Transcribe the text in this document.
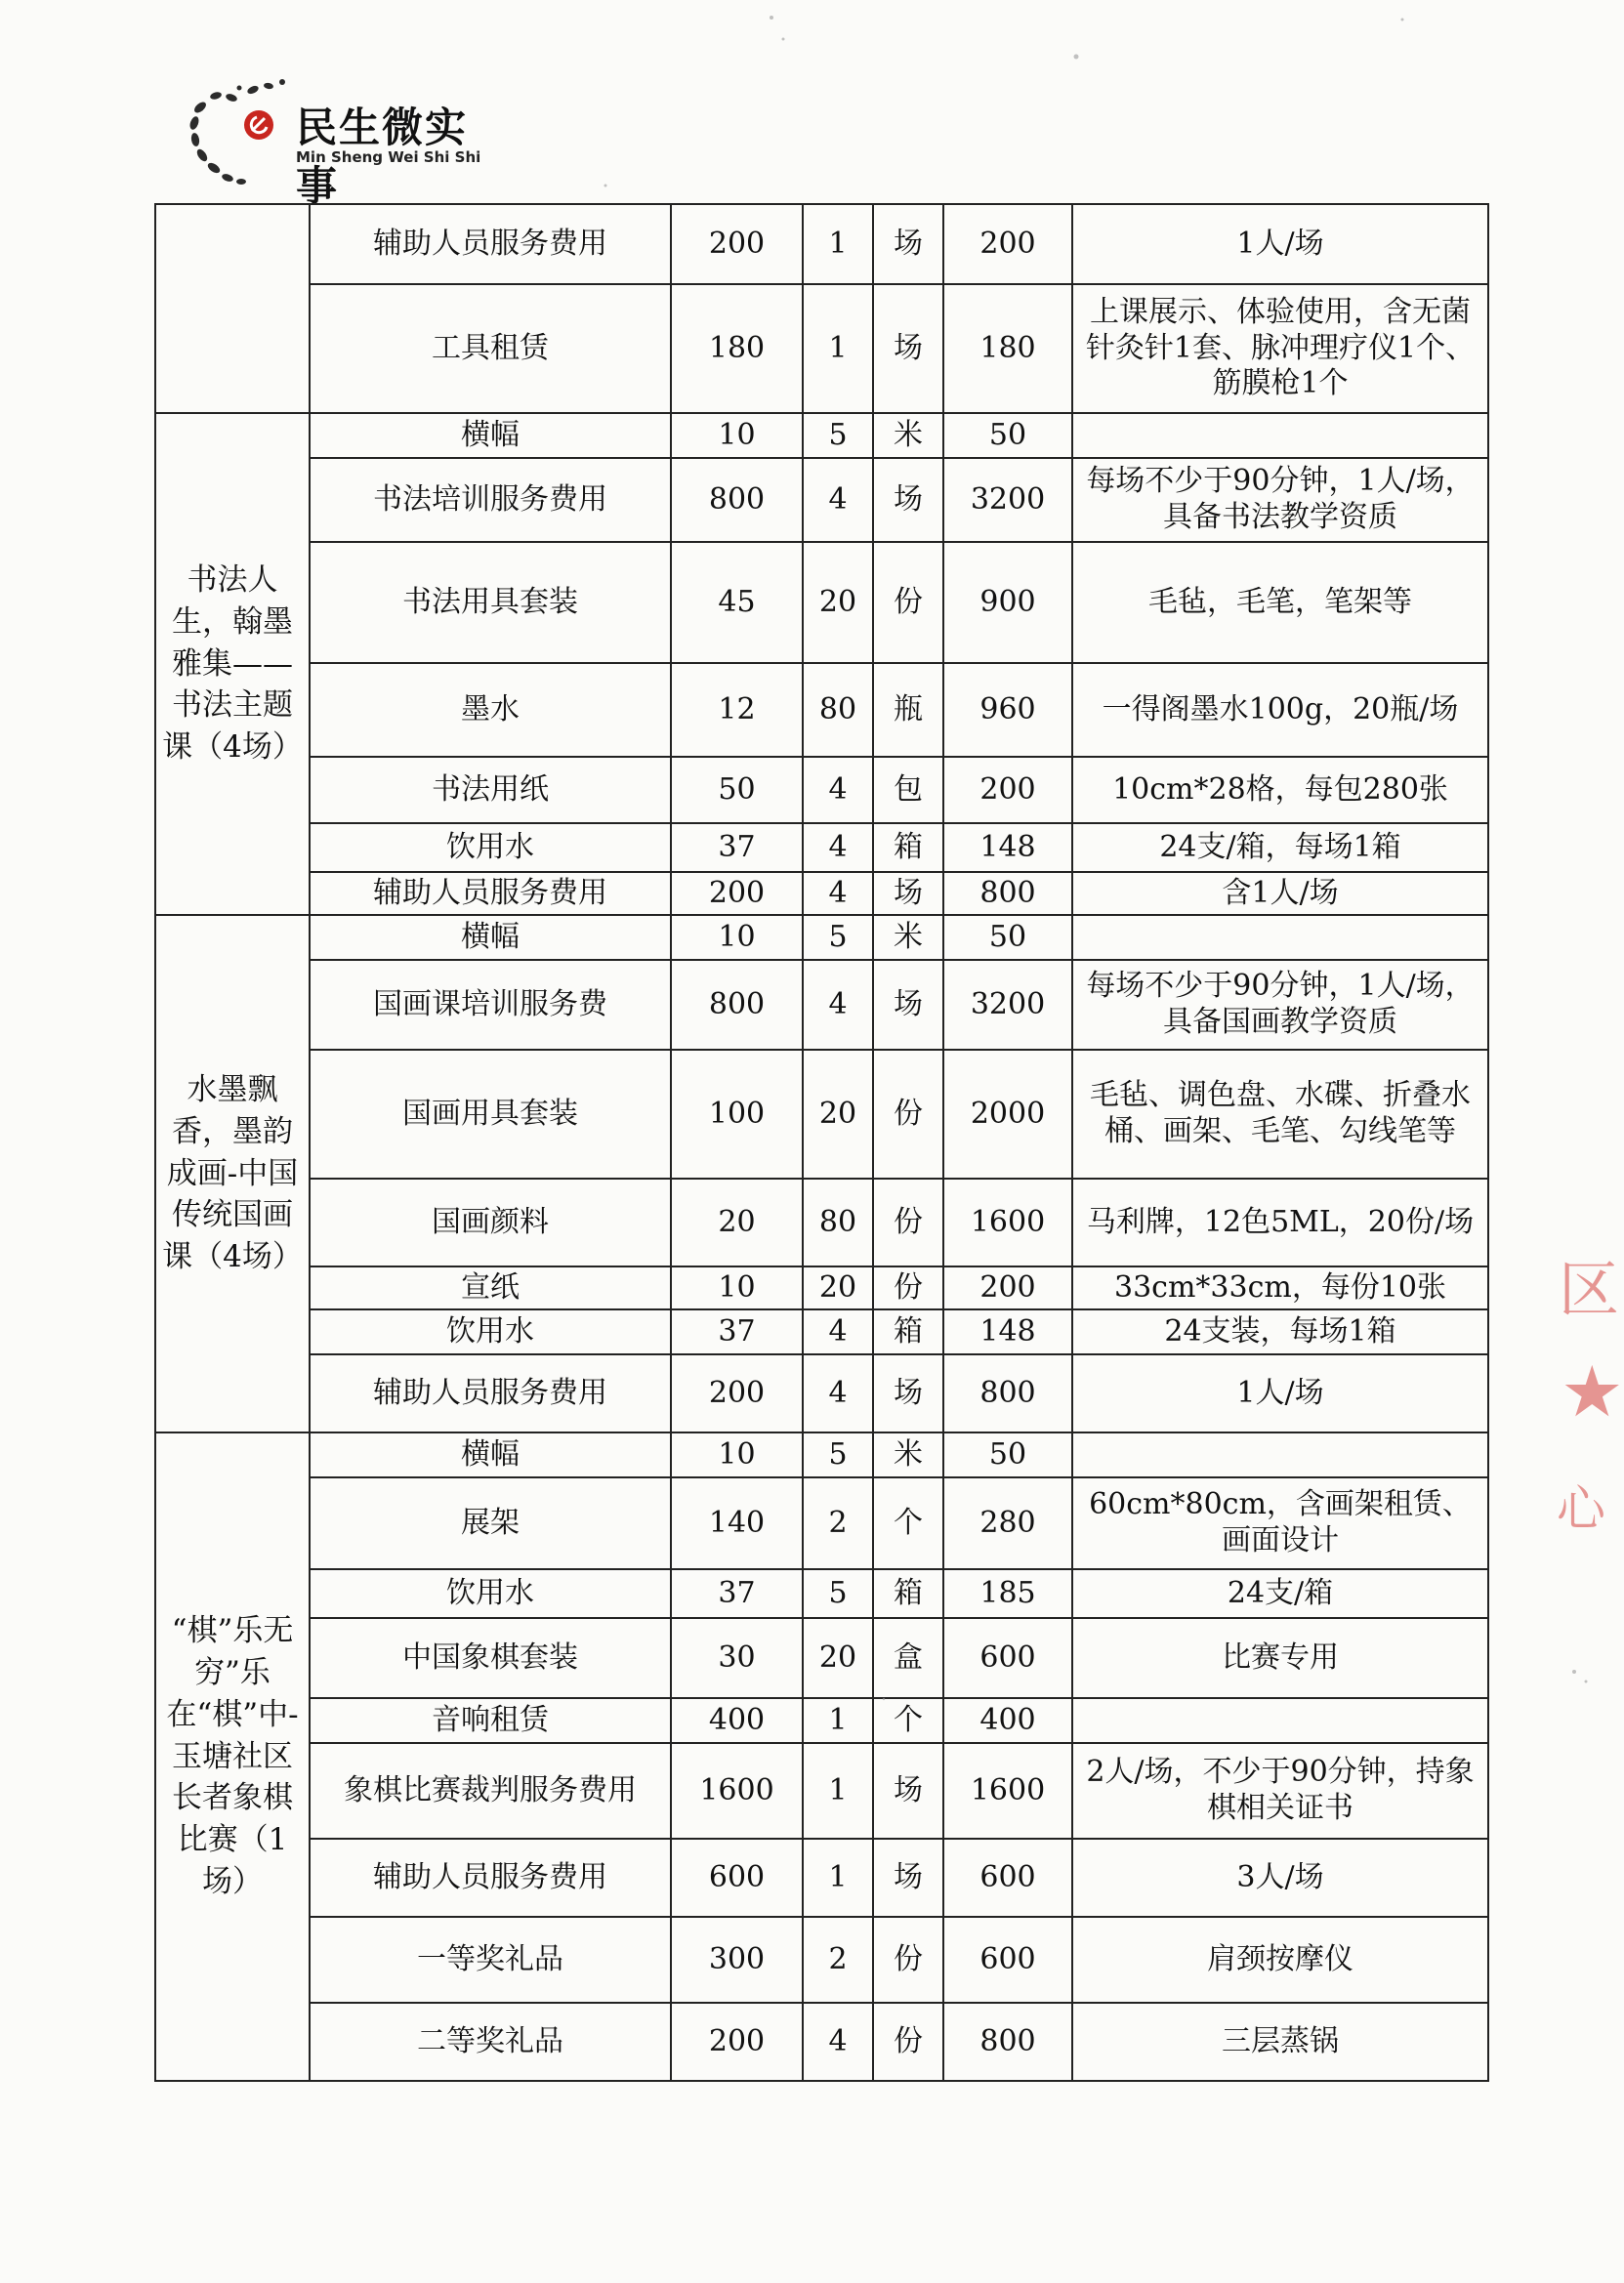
民生微实事
Min Sheng Wei Shi Shi
	辅助人员服务费用	200	1	场	200	1人/场
	工具租赁	180	1	场	180	上课展示、体验使用，含无菌针灸针1套、脉冲理疗仪1个、筋膜枪1个
书法人生，翰墨雅集——书法主题课（4场）	横幅	10	5	米	50	
	书法培训服务费用	800	4	场	3200	每场不少于90分钟，1人/场，具备书法教学资质
	书法用具套装	45	20	份	900	毛毡，毛笔，笔架等
	墨水	12	80	瓶	960	一得阁墨水100g，20瓶/场
	书法用纸	50	4	包	200	10cm*28格，每包280张
	饮用水	37	4	箱	148	24支/箱，每场1箱
	辅助人员服务费用	200	4	场	800	含1人/场
水墨飘香，墨韵成画-中国传统国画课（4场）	横幅	10	5	米	50	
	国画课培训服务费	800	4	场	3200	每场不少于90分钟，1人/场，具备国画教学资质
	国画用具套装	100	20	份	2000	毛毡、调色盘、水碟、折叠水桶、画架、毛笔、勾线笔等
	国画颜料	20	80	份	1600	马利牌，12色5ML，20份/场
	宣纸	10	20	份	200	33cm*33cm，每份10张
	饮用水	37	4	箱	148	24支装，每场1箱
	辅助人员服务费用	200	4	场	800	1人/场
“棋”乐无穷”乐在“棋”中-玉塘社区长者象棋比赛（1场）	横幅	10	5	米	50	
	展架	140	2	个	280	60cm*80cm，含画架租赁、画面设计
	饮用水	37	5	箱	185	24支/箱
	中国象棋套装	30	20	盒	600	比赛专用
	音响租赁	400	1	个	400	
	象棋比赛裁判服务费用	1600	1	场	1600	2人/场，不少于90分钟，持象棋相关证书
	辅助人员服务费用	600	1	场	600	3人/场
	一等奖礼品	300	2	份	600	肩颈按摩仪
	二等奖礼品	200	4	份	800	三层蒸锅
区
★
心
